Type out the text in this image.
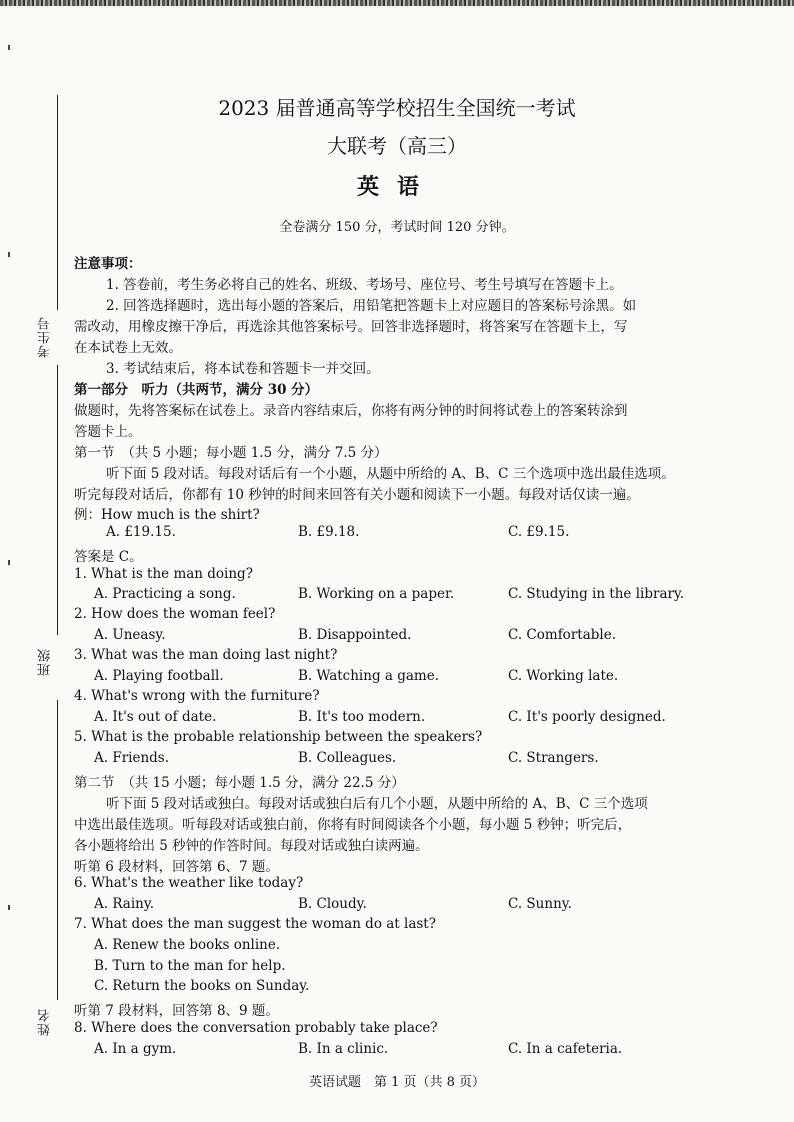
考生号
班级
姓名
2023 届普通高等学校招生全国统一考试
大联考（高三）
英语
全卷满分 150 分，考试时间 120 分钟。
注意事项：
1. 答卷前，考生务必将自己的姓名、班级、考场号、座位号、考生号填写在答题卡上。
2. 回答选择题时，选出每小题的答案后，用铅笔把答题卡上对应题目的答案标号涂黑。如
需改动，用橡皮擦干净后，再选涂其他答案标号。回答非选择题时，将答案写在答题卡上，写
在本试卷上无效。
3. 考试结束后，将本试卷和答题卡一并交回。
第一部分　听力（共两节，满分 30 分）
做题时，先将答案标在试卷上。录音内容结束后，你将有两分钟的时间将试卷上的答案转涂到
答题卡上。
第一节　（共 5 小题；每小题 1.5 分，满分 7.5 分）
听下面 5 段对话。每段对话后有一个小题，从题中所给的 A、B、C 三个选项中选出最佳选项。
听完每段对话后，你都有 10 秒钟的时间来回答有关小题和阅读下一小题。每段对话仅读一遍。
例：How much is the shirt?
A. £19.15.	B. £9.18.	C. £9.15.
答案是 C。
1. What is the man doing?
A. Practicing a song.	B. Working on a paper.	C. Studying in the library.
2. How does the woman feel?
A. Uneasy.	B. Disappointed.	C. Comfortable.
3. What was the man doing last night?
A. Playing football.	B. Watching a game.	C. Working late.
4. What's wrong with the furniture?
A. It's out of date.	B. It's too modern.	C. It's poorly designed.
5. What is the probable relationship between the speakers?
A. Friends.	B. Colleagues.	C. Strangers.
第二节　（共 15 小题；每小题 1.5 分，满分 22.5 分）
听下面 5 段对话或独白。每段对话或独白后有几个小题，从题中所给的 A、B、C 三个选项
中选出最佳选项。听每段对话或独白前，你将有时间阅读各个小题，每小题 5 秒钟；听完后，
各小题将给出 5 秒钟的作答时间。每段对话或独白读两遍。
听第 6 段材料，回答第 6、7 题。
6. What's the weather like today?
A. Rainy.	B. Cloudy.	C. Sunny.
7. What does the man suggest the woman do at last?
A. Renew the books online.
B. Turn to the man for help.
C. Return the books on Sunday.
听第 7 段材料，回答第 8、9 题。
8. Where does the conversation probably take place?
A. In a gym.	B. In a clinic.	C. In a cafeteria.
英语试题　第 1 页（共 8 页）
